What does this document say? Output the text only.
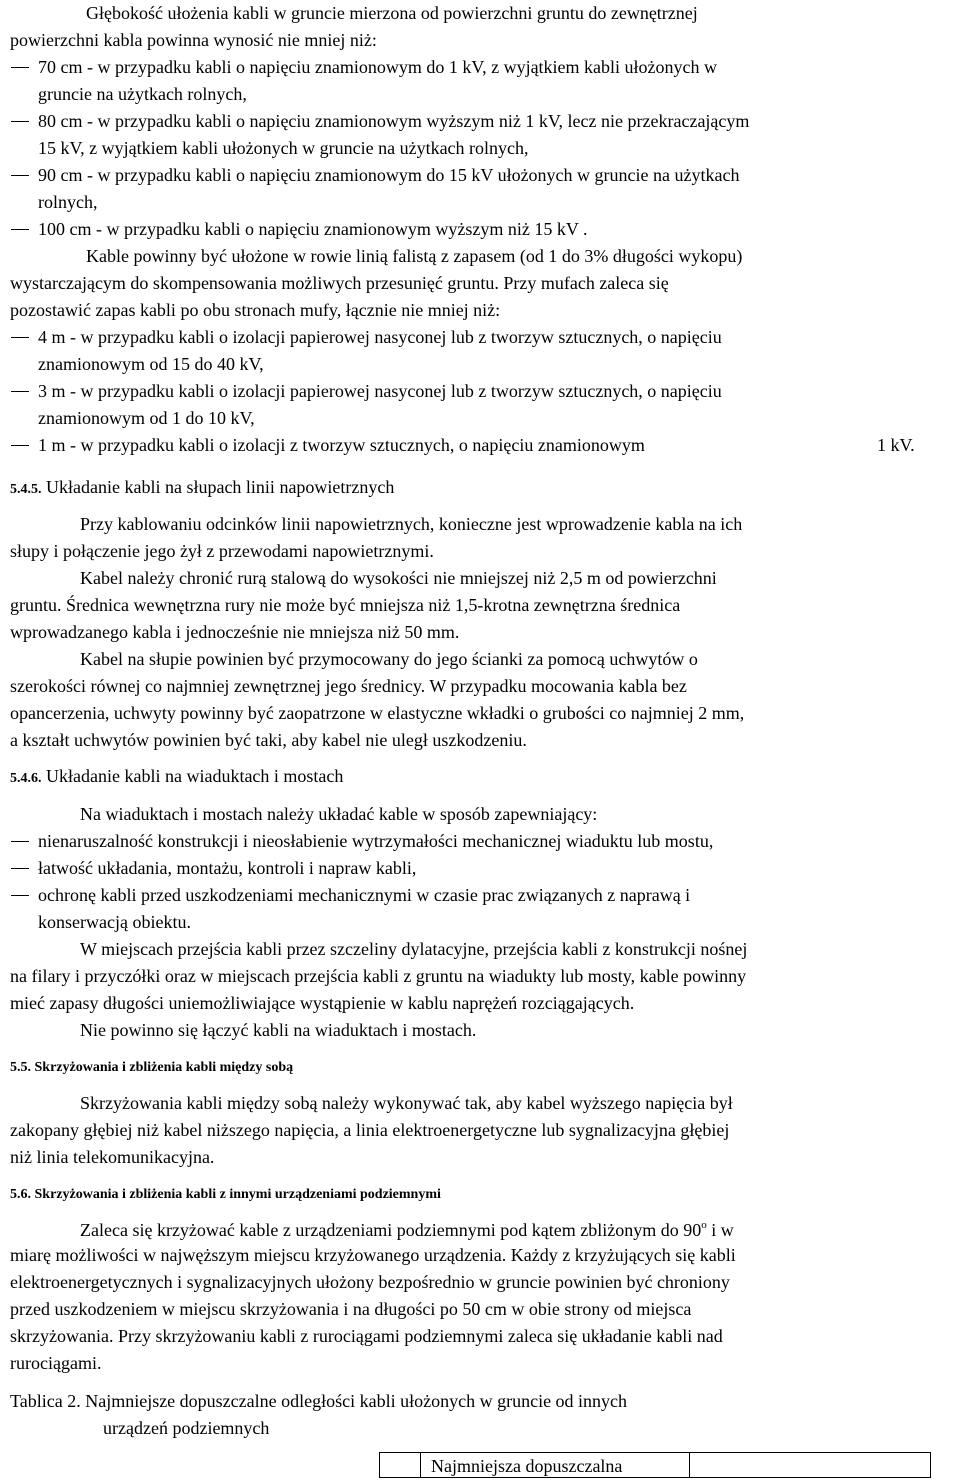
Głębokość ułożenia kabli w gruncie mierzona od powierzchni gruntu do zewnętrznej
powierzchni kabla powinna wynosić nie mniej niż:
70 cm - w przypadku kabli o napięciu znamionowym do 1 kV, z wyjątkiem kabli ułożonych w
gruncie na użytkach rolnych,
80 cm - w przypadku kabli o napięciu znamionowym wyższym niż 1 kV, lecz nie przekraczającym
15 kV, z wyjątkiem kabli ułożonych w gruncie na użytkach rolnych,
90 cm - w przypadku kabli o napięciu znamionowym do 15 kV ułożonych w gruncie na użytkach
rolnych,
100 cm - w przypadku kabli o napięciu znamionowym wyższym niż 15 kV .
Kable powinny być ułożone w rowie linią falistą z zapasem (od 1 do 3% długości wykopu)
wystarczającym do skompensowania możliwych przesunięć gruntu. Przy mufach zaleca się
pozostawić zapas kabli po obu stronach mufy, łącznie nie mniej niż:
4 m - w przypadku kabli o izolacji papierowej nasyconej lub z tworzyw sztucznych, o napięciu
znamionowym od 15 do 40 kV,
3 m - w przypadku kabli o izolacji papierowej nasyconej lub z tworzyw sztucznych, o napięciu
znamionowym od 1 do 10 kV,
1 m - w przypadku kabli o izolacji z tworzyw sztucznych, o napięciu znamionowym	1 kV.
5.4.5. Układanie kabli na słupach linii napowietrznych
Przy kablowaniu odcinków linii napowietrznych, konieczne jest wprowadzenie kabla na ich
słupy i połączenie jego żył z przewodami napowietrznymi.
Kabel należy chronić rurą stalową do wysokości nie mniejszej niż 2,5 m od powierzchni
gruntu. Średnica wewnętrzna rury nie może być mniejsza niż 1,5-krotna zewnętrzna średnica
wprowadzanego kabla i jednocześnie nie mniejsza niż 50 mm.
Kabel na słupie powinien być przymocowany do jego ścianki za pomocą uchwytów o
szerokości równej co najmniej zewnętrznej jego średnicy. W przypadku mocowania kabla bez
opancerzenia, uchwyty powinny być zaopatrzone w elastyczne wkładki o grubości co najmniej 2 mm,
a kształt uchwytów powinien być taki, aby kabel nie uległ uszkodzeniu.
5.4.6. Układanie kabli na wiaduktach i mostach
Na wiaduktach i mostach należy układać kable w sposób zapewniający:
nienaruszalność konstrukcji i nieosłabienie wytrzymałości mechanicznej wiaduktu lub mostu,
łatwość układania, montażu, kontroli i napraw kabli,
ochronę kabli przed uszkodzeniami mechanicznymi w czasie prac związanych z naprawą i
konserwacją obiektu.
W miejscach przejścia kabli przez szczeliny dylatacyjne, przejścia kabli z konstrukcji nośnej
na filary i przyczółki oraz w miejscach przejścia kabli z gruntu na wiadukty lub mosty, kable powinny
mieć zapasy długości uniemożliwiające wystąpienie w kablu naprężeń rozciągających.
Nie powinno się łączyć kabli na wiaduktach i mostach.
5.5. Skrzyżowania i zbliżenia kabli między sobą
Skrzyżowania kabli między sobą należy wykonywać tak, aby kabel wyższego napięcia był
zakopany głębiej niż kabel niższego napięcia, a linia elektroenergetyczne lub sygnalizacyjna głębiej
niż linia telekomunikacyjna.
5.6. Skrzyżowania i zbliżenia kabli z innymi urządzeniami podziemnymi
Zaleca się krzyżować kable z urządzeniami podziemnymi pod kątem zbliżonym do 90$^o$ i w
miarę możliwości w najwęższym miejscu krzyżowanego urządzenia. Każdy z krzyżujących się kabli
elektroenergetycznych i sygnalizacyjnych ułożony bezpośrednio w gruncie powinien być chroniony
przed uszkodzeniem w miejscu skrzyżowania i na długości po 50 cm w obie strony od miejsca
skrzyżowania. Przy skrzyżowaniu kabli z rurociągami podziemnymi zaleca się układanie kabli nad
rurociągami.
Tablica 2. Najmniejsze dopuszczalne odległości kabli ułożonych w gruncie od innych
urządzeń podziemnych
Najmniejsza dopuszczalna
